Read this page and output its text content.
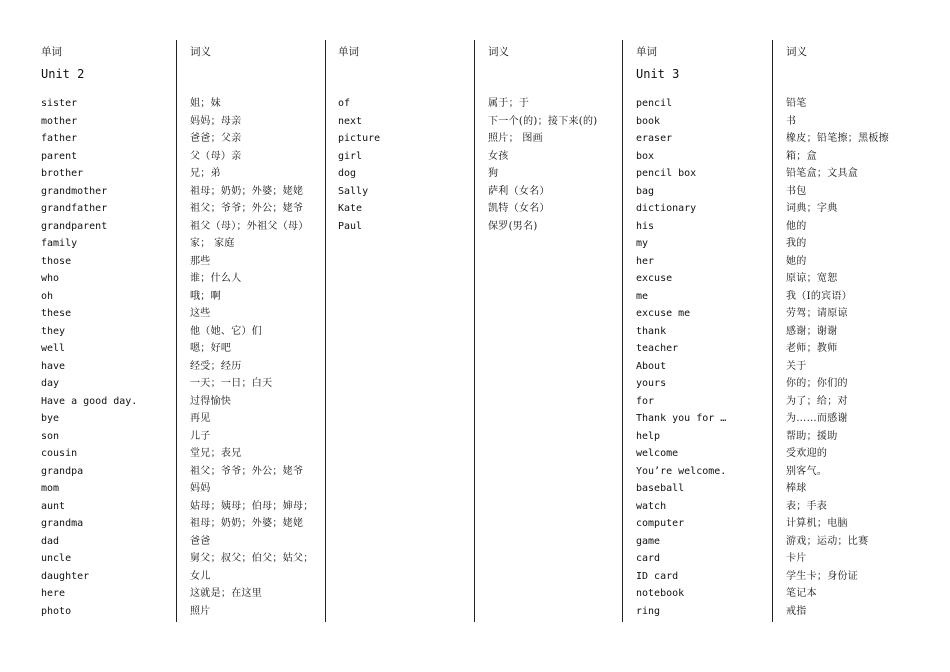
单词
Unit 2
sister
mother
father
parent
brother
grandmother
grandfather
grandparent
family
those
who
oh
these
they
well
have
day
Have a good day.
bye
son
cousin
grandpa
mom
aunt
grandma
dad
uncle
daughter
here
photo
词义
姐；妹
妈妈；母亲
爸爸；父亲
父（母）亲
兄；弟
祖母；奶奶；外婆；姥姥
祖父；爷爷；外公；姥爷
祖父（母）；外祖父（母）
家； 家庭
那些
谁；什么人
哦；啊
这些
他（她、它）们
嗯；好吧
经受；经历
一天；一日；白天
过得愉快
再见
儿子
堂兄；表兄
祖父；爷爷；外公；姥爷
妈妈
姑母；姨母；伯母；婶母；
祖母；奶奶；外婆；姥姥
爸爸
舅父；叔父；伯父；姑父；
女儿
这就是；在这里
照片
单词
of
next
picture
girl
dog
Sally
Kate
Paul
词义
属于；于
下一个(的)；接下来(的)
照片； 图画
女孩
狗
萨利（女名）
凯特（女名）
保罗(男名)
单词
Unit 3
pencil
book
eraser
box
pencil box
bag
dictionary
his
my
her
excuse
me
excuse me
thank
teacher
About
yours
for
Thank you for …
help
welcome
You’re welcome.
baseball
watch
computer
game
card
ID card
notebook
ring
词义
铅笔
书
橡皮；铅笔擦；黑板擦
箱；盒
铅笔盒；文具盒
书包
词典；字典
他的
我的
她的
原谅；宽恕
我（I的宾语）
劳驾；请原谅
感谢；谢谢
老师；教师
关于
你的；你们的
为了；给；对
为……而感谢
帮助；援助
受欢迎的
别客气。
棒球
表；手表
计算机；电脑
游戏；运动；比赛
卡片
学生卡；身份证
笔记本
戒指
